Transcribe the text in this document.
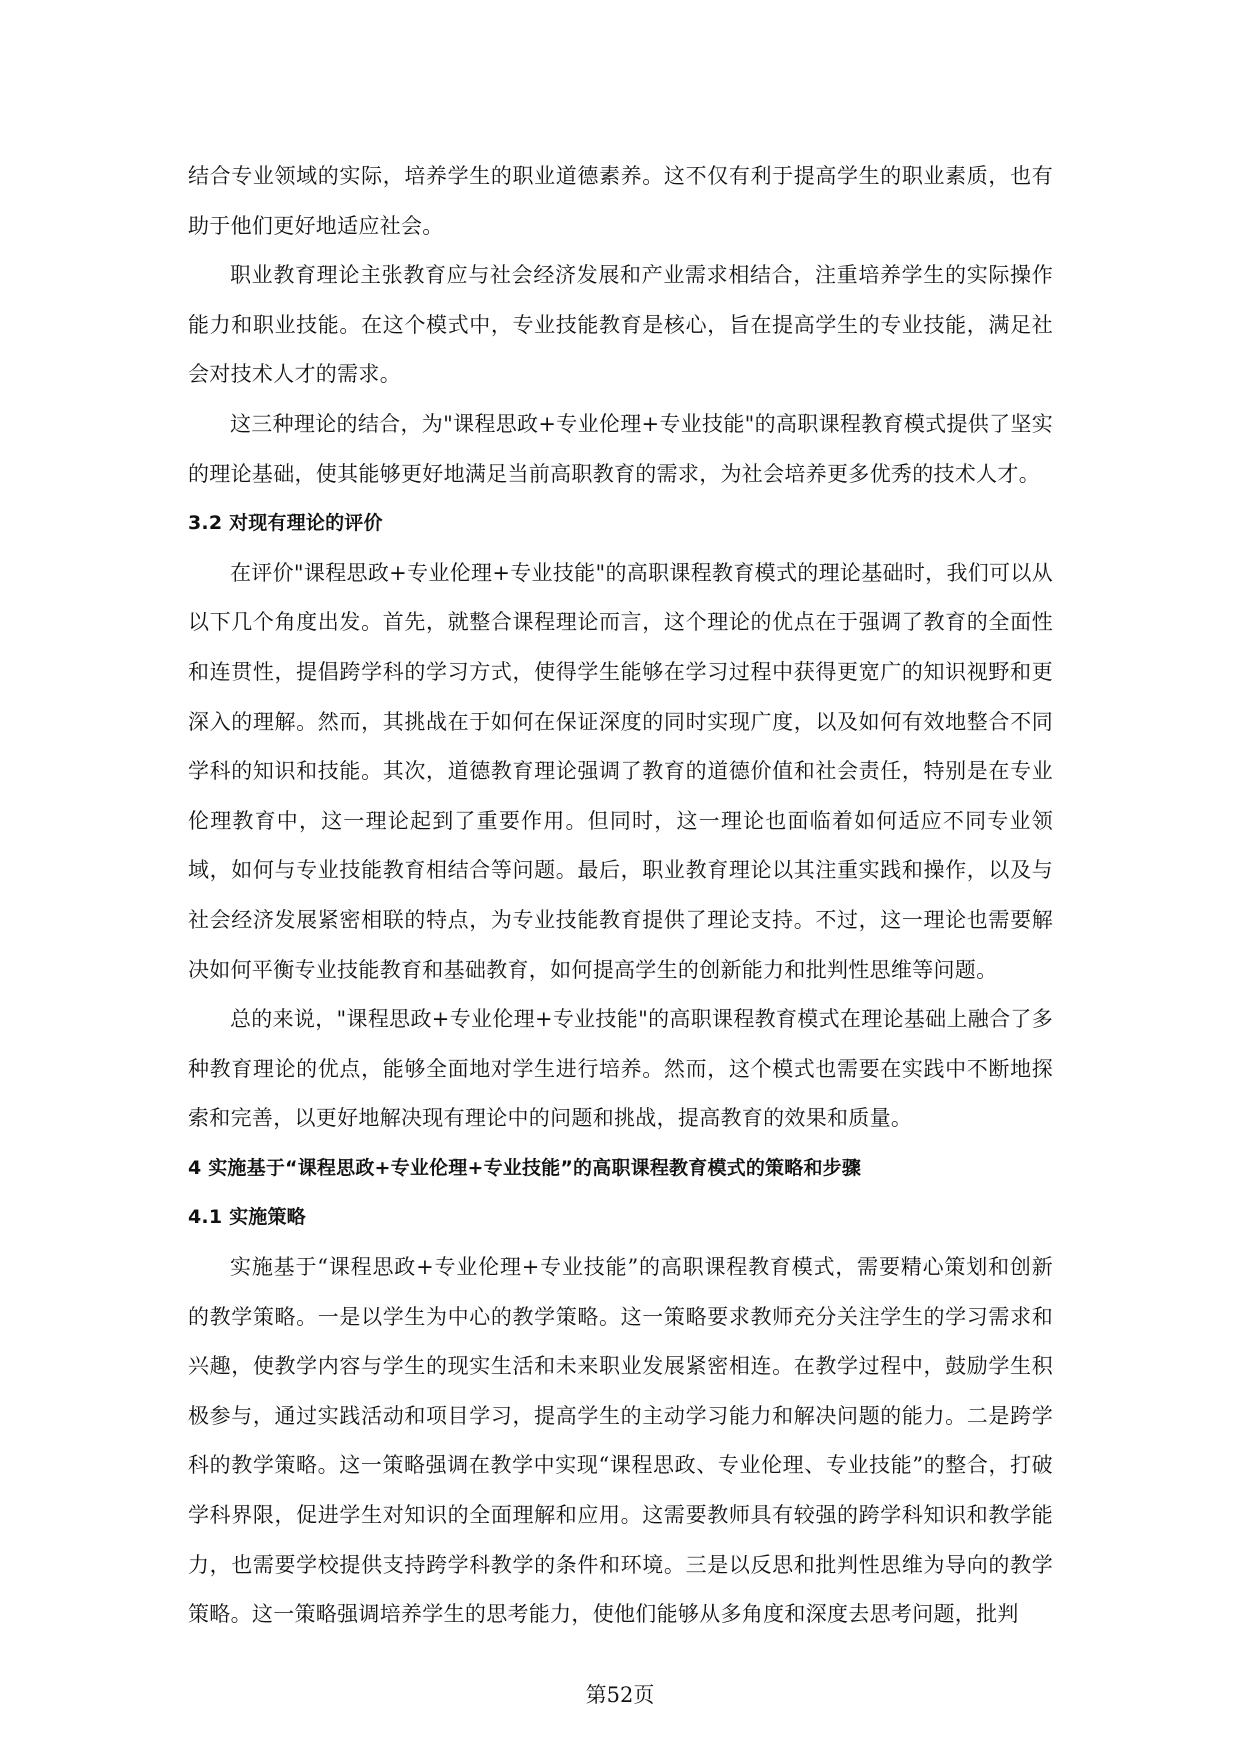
结合专业领域的实际，培养学生的职业道德素养。这不仅有利于提高学生的职业素质，也有助于他们更好地适应社会。

职业教育理论主张教育应与社会经济发展和产业需求相结合，注重培养学生的实际操作能力和职业技能。在这个模式中，专业技能教育是核心，旨在提高学生的专业技能，满足社会对技术人才的需求。

这三种理论的结合，为"课程思政+专业伦理+专业技能"的高职课程教育模式提供了坚实的理论基础，使其能够更好地满足当前高职教育的需求，为社会培养更多优秀的技术人才。

3.2 对现有理论的评价

在评价"课程思政+专业伦理+专业技能"的高职课程教育模式的理论基础时，我们可以从以下几个角度出发。首先，就整合课程理论而言，这个理论的优点在于强调了教育的全面性和连贯性，提倡跨学科的学习方式，使得学生能够在学习过程中获得更宽广的知识视野和更深入的理解。然而，其挑战在于如何在保证深度的同时实现广度，以及如何有效地整合不同学科的知识和技能。其次，道德教育理论强调了教育的道德价值和社会责任，特别是在专业伦理教育中，这一理论起到了重要作用。但同时，这一理论也面临着如何适应不同专业领域，如何与专业技能教育相结合等问题。最后，职业教育理论以其注重实践和操作，以及与社会经济发展紧密相联的特点，为专业技能教育提供了理论支持。不过，这一理论也需要解决如何平衡专业技能教育和基础教育，如何提高学生的创新能力和批判性思维等问题。

总的来说，"课程思政+专业伦理+专业技能"的高职课程教育模式在理论基础上融合了多种教育理论的优点，能够全面地对学生进行培养。然而，这个模式也需要在实践中不断地探索和完善，以更好地解决现有理论中的问题和挑战，提高教育的效果和质量。

4 实施基于“课程思政+专业伦理+专业技能”的高职课程教育模式的策略和步骤
4.1 实施策略

实施基于“课程思政+专业伦理+专业技能”的高职课程教育模式，需要精心策划和创新的教学策略。一是以学生为中心的教学策略。这一策略要求教师充分关注学生的学习需求和兴趣，使教学内容与学生的现实生活和未来职业发展紧密相连。在教学过程中，鼓励学生积极参与，通过实践活动和项目学习，提高学生的主动学习能力和解决问题的能力。二是跨学科的教学策略。这一策略强调在教学中实现“课程思政、专业伦理、专业技能”的整合，打破学科界限，促进学生对知识的全面理解和应用。这需要教师具有较强的跨学科知识和教学能力，也需要学校提供支持跨学科教学的条件和环境。三是以反思和批判性思维为导向的教学策略。这一策略强调培养学生的思考能力，使他们能够从多角度和深度去思考问题，批判

第52页
